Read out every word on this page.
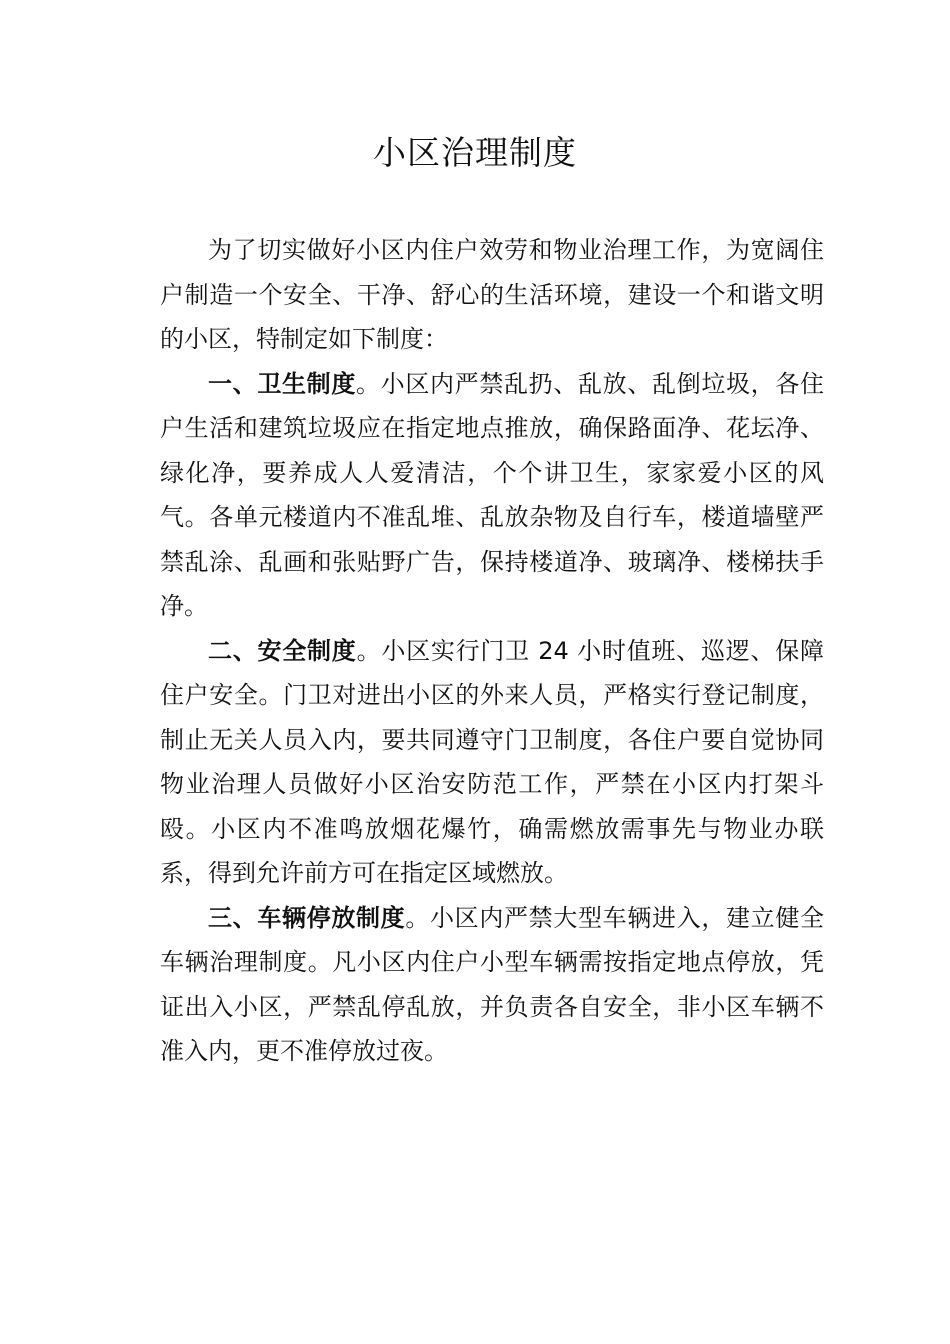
小区治理制度

为了切实做好小区内住户效劳和物业治理工作，为宽阔住户制造一个安全、干净、舒心的生活环境，建设一个和谐文明的小区，特制定如下制度：

一、卫生制度。小区内严禁乱扔、乱放、乱倒垃圾，各住户生活和建筑垃圾应在指定地点推放，确保路面净、花坛净、绿化净，要养成人人爱清洁，个个讲卫生，家家爱小区的风气。各单元楼道内不准乱堆、乱放杂物及自行车，楼道墙壁严禁乱涂、乱画和张贴野广告，保持楼道净、玻璃净、楼梯扶手净。

二、安全制度。小区实行门卫 24 小时值班、巡逻、保障住户安全。门卫对进出小区的外来人员，严格实行登记制度，制止无关人员入内，要共同遵守门卫制度，各住户要自觉协同物业治理人员做好小区治安防范工作，严禁在小区内打架斗殴。小区内不准鸣放烟花爆竹，确需燃放需事先与物业办联系，得到允许前方可在指定区域燃放。

三、车辆停放制度。小区内严禁大型车辆进入，建立健全车辆治理制度。凡小区内住户小型车辆需按指定地点停放，凭证出入小区，严禁乱停乱放，并负责各自安全，非小区车辆不准入内，更不准停放过夜。
